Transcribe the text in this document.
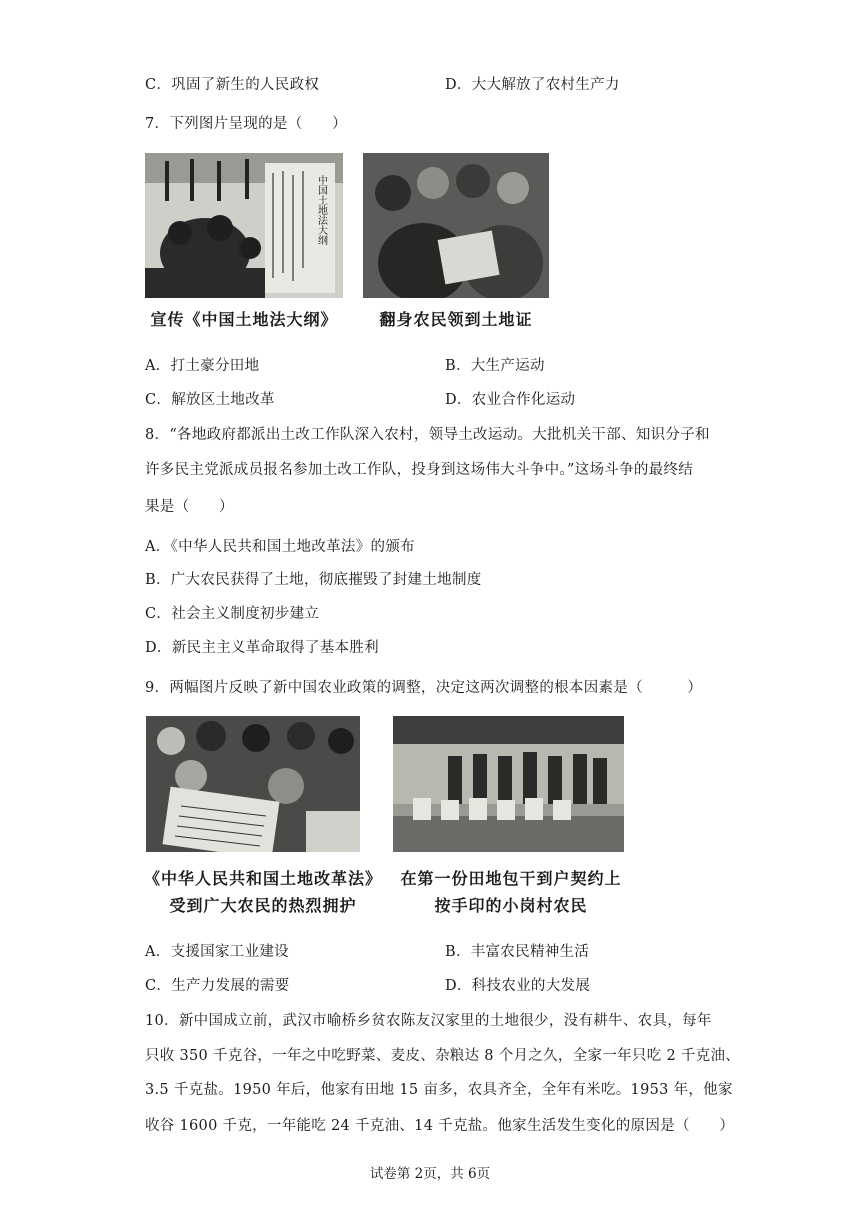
C．巩固了新生的人民政权	D．大大解放了农村生产力
7．下列图片呈现的是（　　）
中国土地法大纲
宣传《中国土地法大纲》	翻身农民领到土地证
A．打土豪分田地	B．大生产运动
C．解放区土地改革	D．农业合作化运动
8．“各地政府都派出土改工作队深入农村，领导土改运动。大批机关干部、知识分子和
许多民主党派成员报名参加土改工作队，投身到这场伟大斗争中。”这场斗争的最终结
果是（　　）
A．《中华人民共和国土地改革法》的颁布
B．广大农民获得了土地，彻底摧毁了封建土地制度
C．社会主义制度初步建立
D．新民主主义革命取得了基本胜利
9．两幅图片反映了新中国农业政策的调整，决定这两次调整的根本因素是（　　　）
《中华人民共和国土地改革法》
受到广大农民的热烈拥护
在第一份田地包干到户契约上
按手印的小岗村农民
A．支援国家工业建设	B．丰富农民精神生活
C．生产力发展的需要	D．科技农业的大发展
10．新中国成立前，武汉市喻桥乡贫农陈友汉家里的土地很少，没有耕牛、农具，每年
只收 350 千克谷，一年之中吃野菜、麦皮、杂粮达 8 个月之久，全家一年只吃 2 千克油、
3.5 千克盐。1950 年后，他家有田地 15 亩多，农具齐全，全年有米吃。1953 年，他家
收谷 1600 千克，一年能吃 24 千克油、14 千克盐。他家生活发生变化的原因是（　　）
试卷第 2页，共 6页
